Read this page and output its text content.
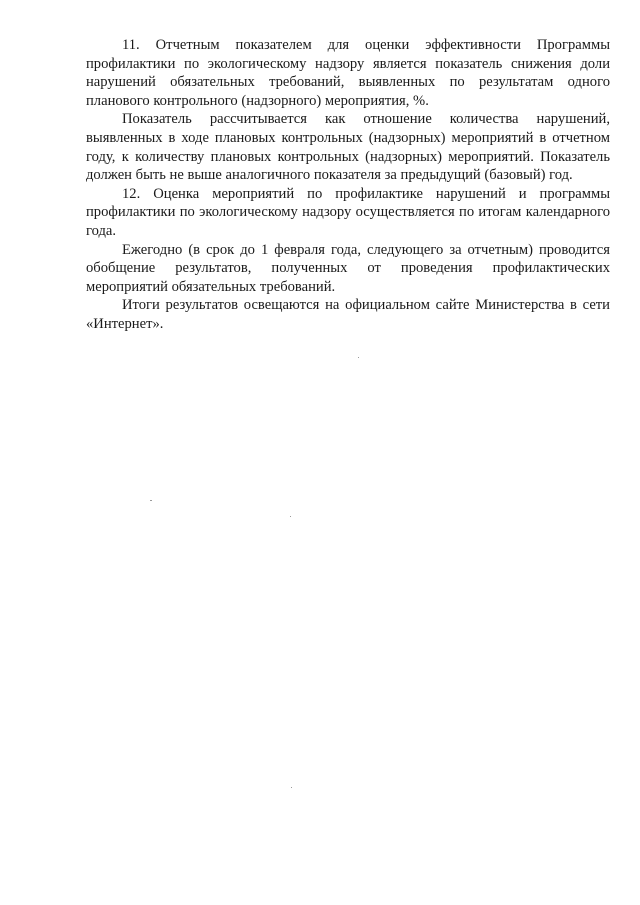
11. Отчетным показателем для оценки эффективности Программы профилактики по экологическому надзору является показатель снижения доли нарушений обязательных требований, выявленных по результатам одного планового контрольного (надзорного) мероприятия, %.

Показатель рассчитывается как отношение количества нарушений, выявленных в ходе плановых контрольных (надзорных) мероприятий в отчетном году, к количеству плановых контрольных (надзорных) мероприятий. Показатель должен быть не выше аналогичного показателя за предыдущий (базовый) год.

12. Оценка мероприятий по профилактике нарушений и программы профилактики по экологическому надзору осуществляется по итогам календарного года.

Ежегодно (в срок до 1 февраля года, следующего за отчетным) проводится обобщение результатов, полученных от проведения профилактических мероприятий обязательных требований.

Итоги результатов освещаются на официальном сайте Министерства в сети «Интернет».
